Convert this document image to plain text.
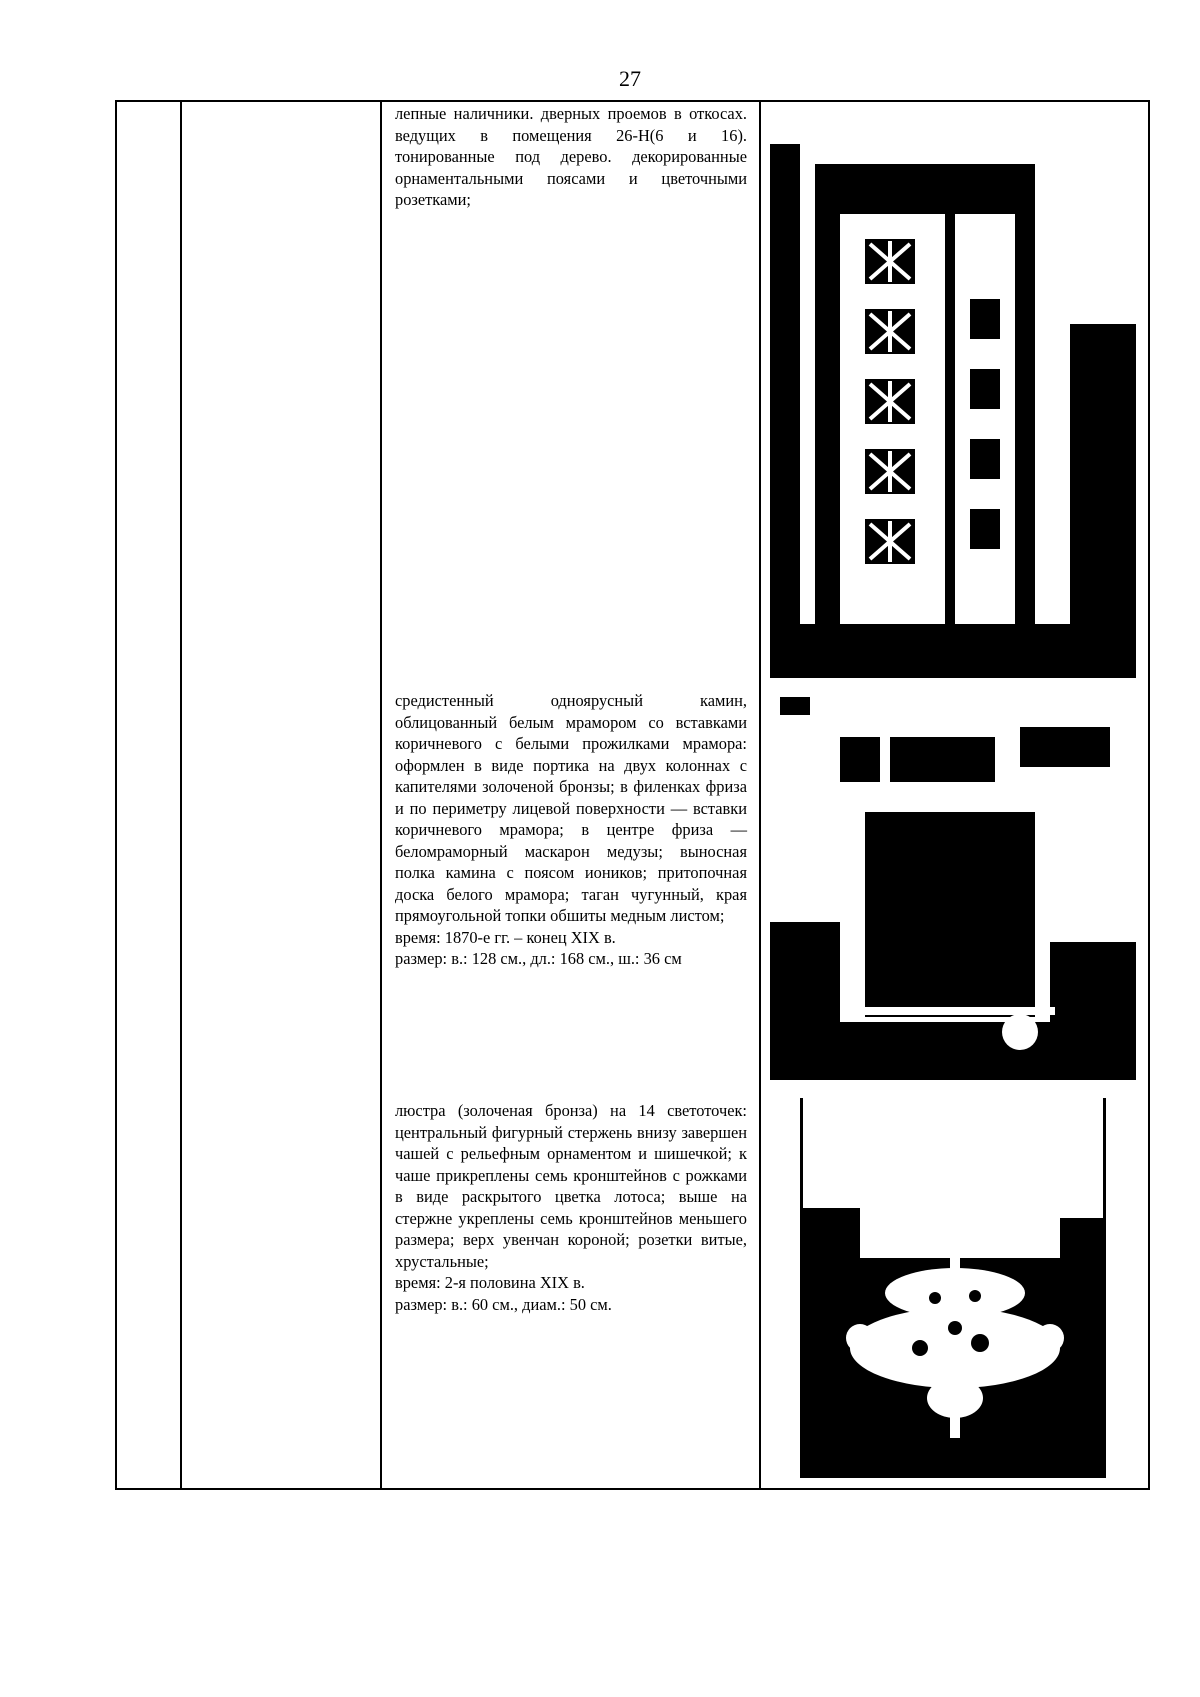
27

лепные наличники. дверных проемов в откосах. ведущих в помещения 26-Н(6 и 16). тонированные под дерево. декорированные орнаментальными поясами и цветочными розетками;

средистенный одноярусный камин, облицованный белым мрамором со вставками коричневого с белыми прожилками мрамора: оформлен в виде портика на двух колоннах с капителями золоченой бронзы; в филенках фриза и по периметру лицевой поверхности — вставки коричневого мрамора; в центре фриза — беломраморный маскарон медузы; выносная полка камина с поясом иоников; притопочная доска белого мрамора; таган чугунный, края прямоугольной топки обшиты медным листом;

время: 1870-е гг. – конец XIX в.

размер: в.: 128 см., дл.: 168 см., ш.: 36 см

люстра (золоченая бронза) на 14 светоточек: центральный фигурный стержень внизу завершен чашей с рельефным орнаментом и шишечкой; к чаше прикреплены семь кронштейнов с рожками в виде раскрытого цветка лотоса; выше на стержне укреплены семь кронштейнов меньшего размера; верх увенчан короной; розетки витые, хрустальные;

время: 2-я половина XIX в.

размер: в.: 60 см., диам.: 50 см.
